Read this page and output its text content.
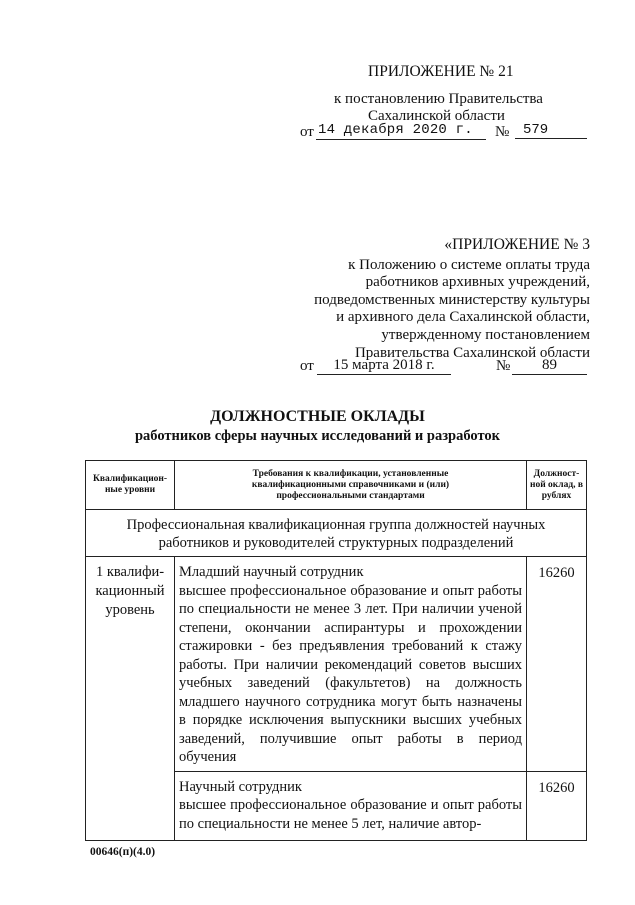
ПРИЛОЖЕНИЕ № 21
к постановлению Правительства
Сахалинской области
от 14 декабря 2020 г.	№ 579
«ПРИЛОЖЕНИЕ № 3
к Положению о системе оплаты труда
работников архивных учреждений,
подведомственных министерству культуры
и архивного дела Сахалинской области,
утвержденному постановлением
Правительства Сахалинской области
от	15 марта 2018 г.	№	89
ДОЛЖНОСТНЫЕ ОКЛАДЫ
работников сферы научных исследований и разработок
Квалификацион-ные уровни	Требования к квалификации, установленные квалификационными справочниками и (или) профессиональными стандартами	Должност-ной оклад, в рублях
Профессиональная квалификационная группа должностей научных работников и руководителей структурных подразделений		
1 квалифи-кационный уровень	Младший научный сотрудник
высшее профессиональное образование и опыт работы по специальности не менее 3 лет. При наличии ученой степени, окончании аспирантуры и прохождении стажировки - без предъявления требований к стажу работы. При наличии рекомендаций советов высших учебных заведений (факультетов) на должность младшего научного сотрудника могут быть назначены в порядке исключения выпускники высших учебных заведений, получившие опыт работы в период обучения	16260

	Научный сотрудник
высшее профессиональное образование и опыт работы по специальности не менее 5 лет, наличие автор-	16260
00646(п)(4.0)
